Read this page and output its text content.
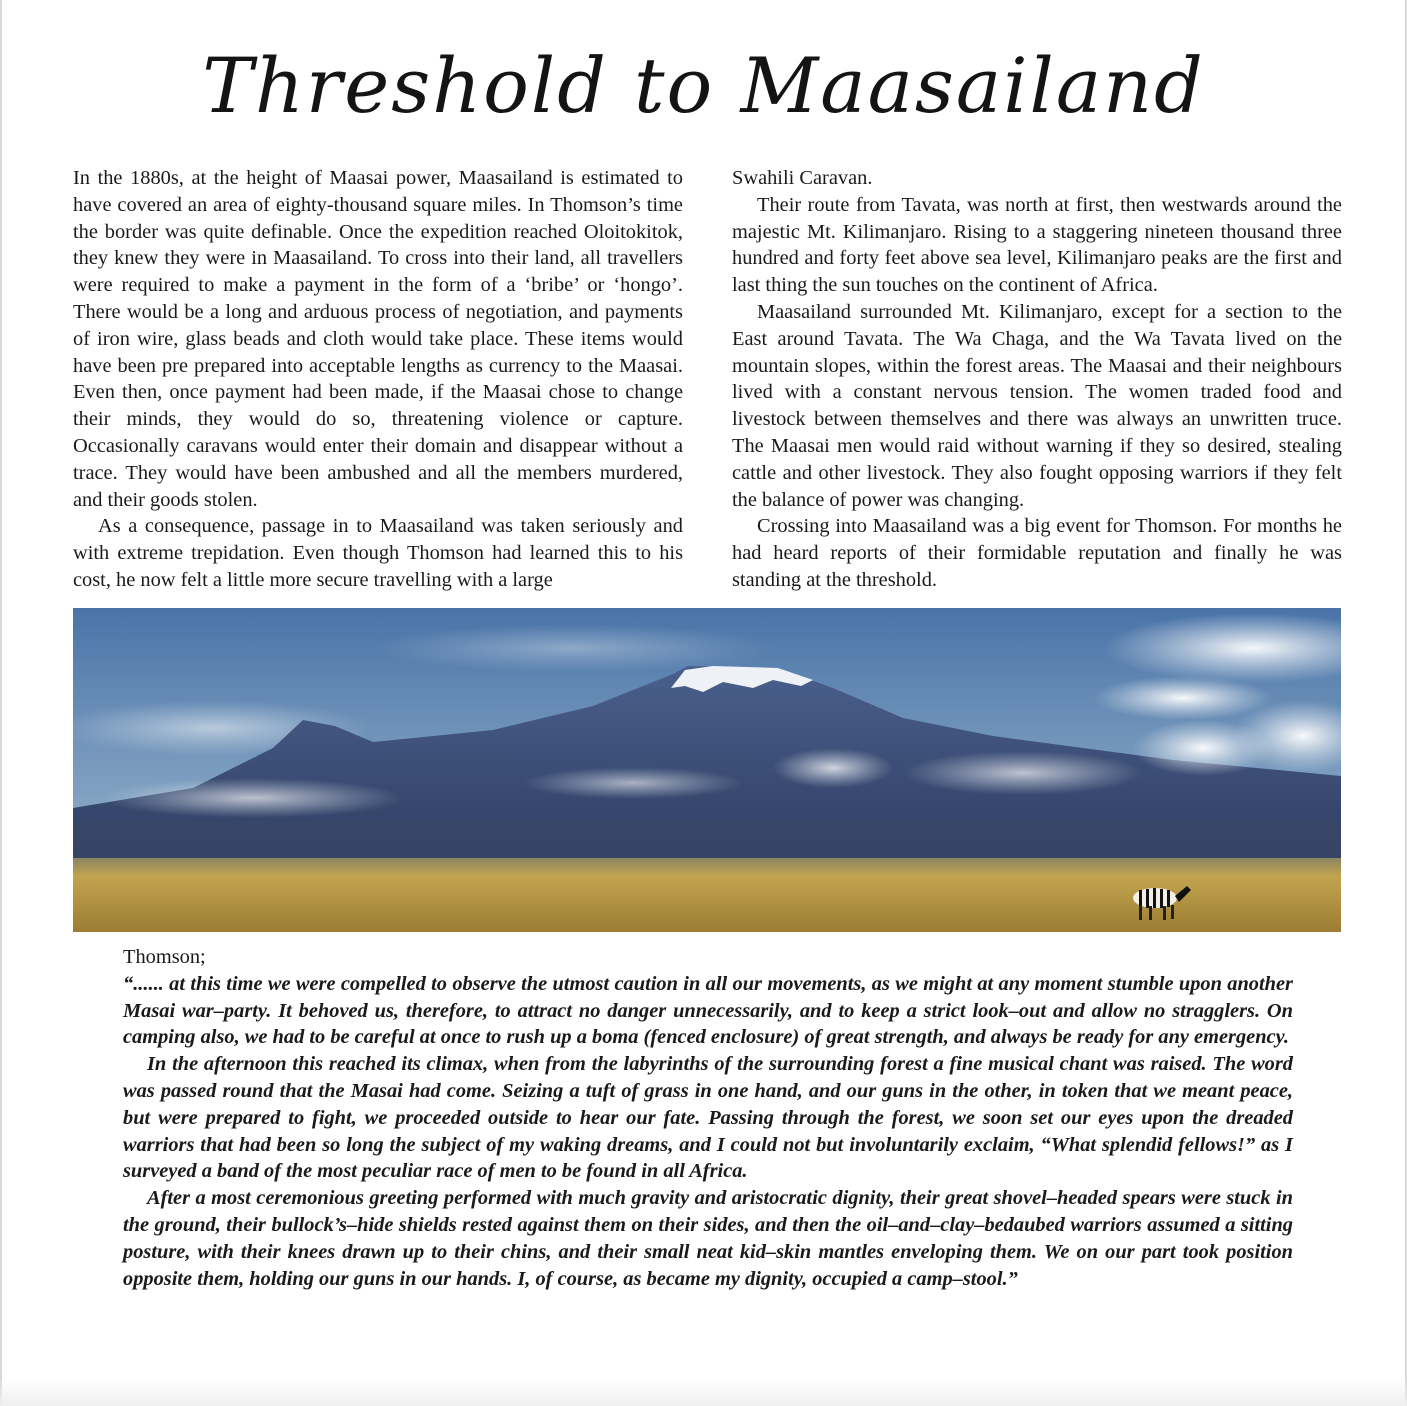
Threshold to Maasailand

In the 1880s, at the height of Maasai power, Maasailand is estimated to have covered an area of eighty-thousand square miles. In Thomson’s time the border was quite definable. Once the expedition reached Oloitokitok, they knew they were in Maasailand. To cross into their land, all travellers were required to make a payment in the form of a ‘bribe’ or ‘hongo’. There would be a long and arduous process of negotiation, and payments of iron wire, glass beads and cloth would take place. These items would have been pre prepared into acceptable lengths as currency to the Maasai. Even then, once payment had been made, if the Maasai chose to change their minds, they would do so, threatening violence or capture. Occasionally caravans would enter their domain and disappear without a trace. They would have been ambushed and all the members murdered, and their goods stolen.

As a consequence, passage in to Maasailand was taken seriously and with extreme trepidation. Even though Thomson had learned this to his cost, he now felt a little more secure travelling with a large

Swahili Caravan.

Their route from Tavata, was north at first, then westwards around the majestic Mt. Kilimanjaro. Rising to a staggering nineteen thousand three hundred and forty feet above sea level, Kilimanjaro peaks are the first and last thing the sun touches on the continent of Africa.

Maasailand surrounded Mt. Kilimanjaro, except for a section to the East around Tavata. The Wa Chaga, and the Wa Tavata lived on the mountain slopes, within the forest areas. The Maasai and their neighbours lived with a constant nervous tension. The women traded food and livestock between themselves and there was always an unwritten truce. The Maasai men would raid without warning if they so desired, stealing cattle and other livestock. They also fought opposing warriors if they felt the balance of power was changing.

Crossing into Maasailand was a big event for Thomson. For months he had heard reports of their formidable reputation and finally he was standing at the threshold.

Thomson;

“...... at this time we were compelled to observe the utmost caution in all our movements, as we might at any moment stumble upon another Masai war–party. It behoved us, therefore, to attract no danger unnecessarily, and to keep a strict look–out and allow no stragglers. On camping also, we had to be careful at once to rush up a boma (fenced enclosure) of great strength, and always be ready for any emergency.

In the afternoon this reached its climax, when from the labyrinths of the surrounding forest a fine musical chant was raised. The word was passed round that the Masai had come. Seizing a tuft of grass in one hand, and our guns in the other, in token that we meant peace, but were prepared to fight, we proceeded outside to hear our fate. Passing through the forest, we soon set our eyes upon the dreaded warriors that had been so long the subject of my waking dreams, and I could not but involuntarily exclaim, “What splendid fellows!” as I surveyed a band of the most peculiar race of men to be found in all Africa.

After a most ceremonious greeting performed with much gravity and aristocratic dignity, their great shovel–headed spears were stuck in the ground, their bullock’s–hide shields rested against them on their sides, and then the oil–and–clay–bedaubed warriors assumed a sitting posture, with their knees drawn up to their chins, and their small neat kid–skin mantles enveloping them. We on our part took position opposite them, holding our guns in our hands. I, of course, as became my dignity, occupied a camp–stool.”
